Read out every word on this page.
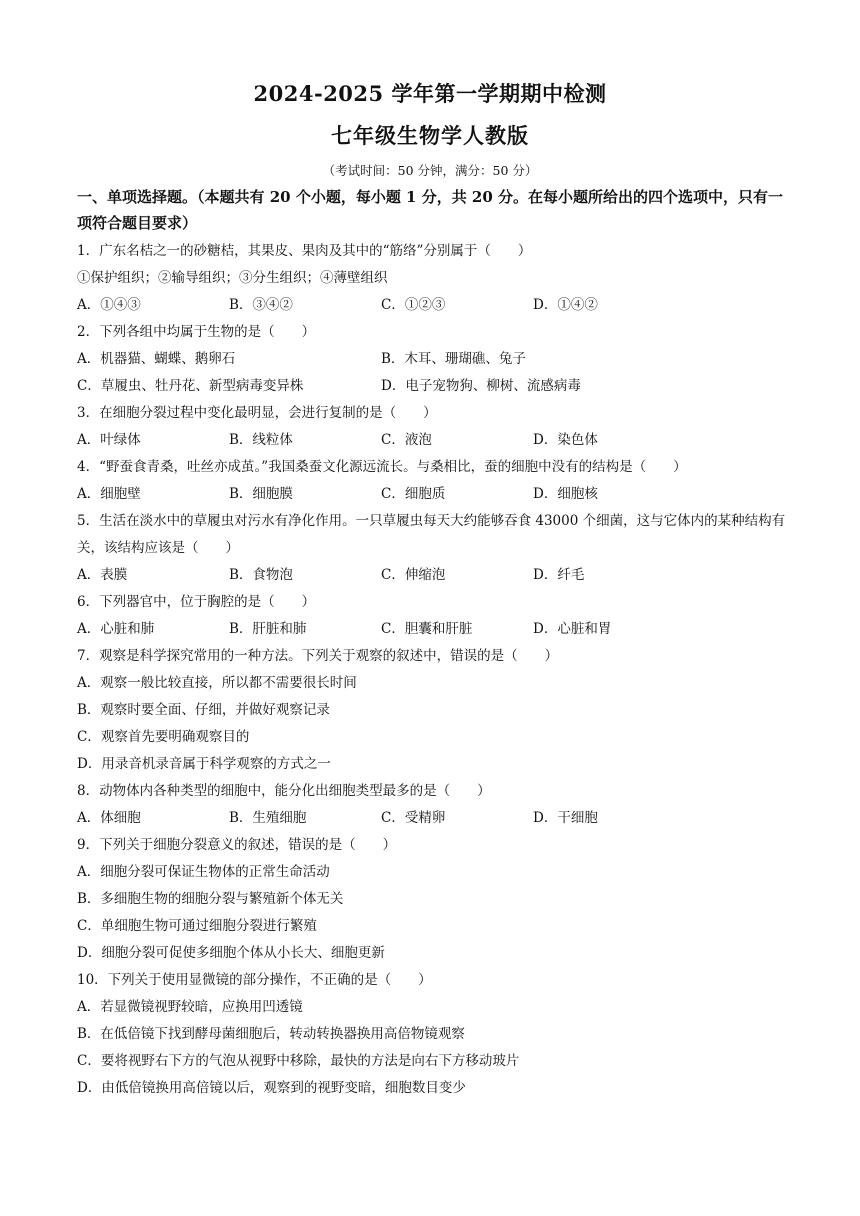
2024-2025 学年第一学期期中检测
七年级生物学人教版
（考试时间：50 分钟，满分：50 分）
一、单项选择题。（本题共有 20 个小题，每小题 1 分，共 20 分。在每小题所给出的四个选项中，只有一项符合题目要求）
1．广东名桔之一的砂糖桔，其果皮、果肉及其中的“筋络”分别属于（　　）
①保护组织；②输导组织；③分生组织；④薄壁组织
A．①④③	B．③④②	C．①②③	D．①④②
2．下列各组中均属于生物的是（　　）
A．机器猫、蝴蝶、鹅卵石	B．木耳、珊瑚礁、兔子
C．草履虫、牡丹花、新型病毒变异株	D．电子宠物狗、柳树、流感病毒
3．在细胞分裂过程中变化最明显，会进行复制的是（　　）
A．叶绿体	B．线粒体	C．液泡	D．染色体
4．“野蚕食青桑，吐丝亦成茧。”我国桑蚕文化源远流长。与桑相比，蚕的细胞中没有的结构是（　　）
A．细胞壁	B．细胞膜	C．细胞质	D．细胞核
5．生活在淡水中的草履虫对污水有净化作用。一只草履虫每天大约能够吞食 43000 个细菌，这与它体内的某种结构有关，该结构应该是（　　）
A．表膜	B．食物泡	C．伸缩泡	D．纤毛
6．下列器官中，位于胸腔的是（　　）
A．心脏和肺	B．肝脏和肺	C．胆囊和肝脏	D．心脏和胃
7．观察是科学探究常用的一种方法。下列关于观察的叙述中，错误的是（　　）
A．观察一般比较直接，所以都不需要很长时间
B．观察时要全面、仔细，并做好观察记录
C．观察首先要明确观察目的
D．用录音机录音属于科学观察的方式之一
8．动物体内各种类型的细胞中，能分化出细胞类型最多的是（　　）
A．体细胞	B．生殖细胞	C．受精卵	D．干细胞
9．下列关于细胞分裂意义的叙述，错误的是（　　）
A．细胞分裂可保证生物体的正常生命活动
B．多细胞生物的细胞分裂与繁殖新个体无关
C．单细胞生物可通过细胞分裂进行繁殖
D．细胞分裂可促使多细胞个体从小长大、细胞更新
10．下列关于使用显微镜的部分操作，不正确的是（　　）
A．若显微镜视野较暗，应换用凹透镜
B．在低倍镜下找到酵母菌细胞后，转动转换器换用高倍物镜观察
C．要将视野右下方的气泡从视野中移除，最快的方法是向右下方移动玻片
D．由低倍镜换用高倍镜以后，观察到的视野变暗，细胞数目变少
